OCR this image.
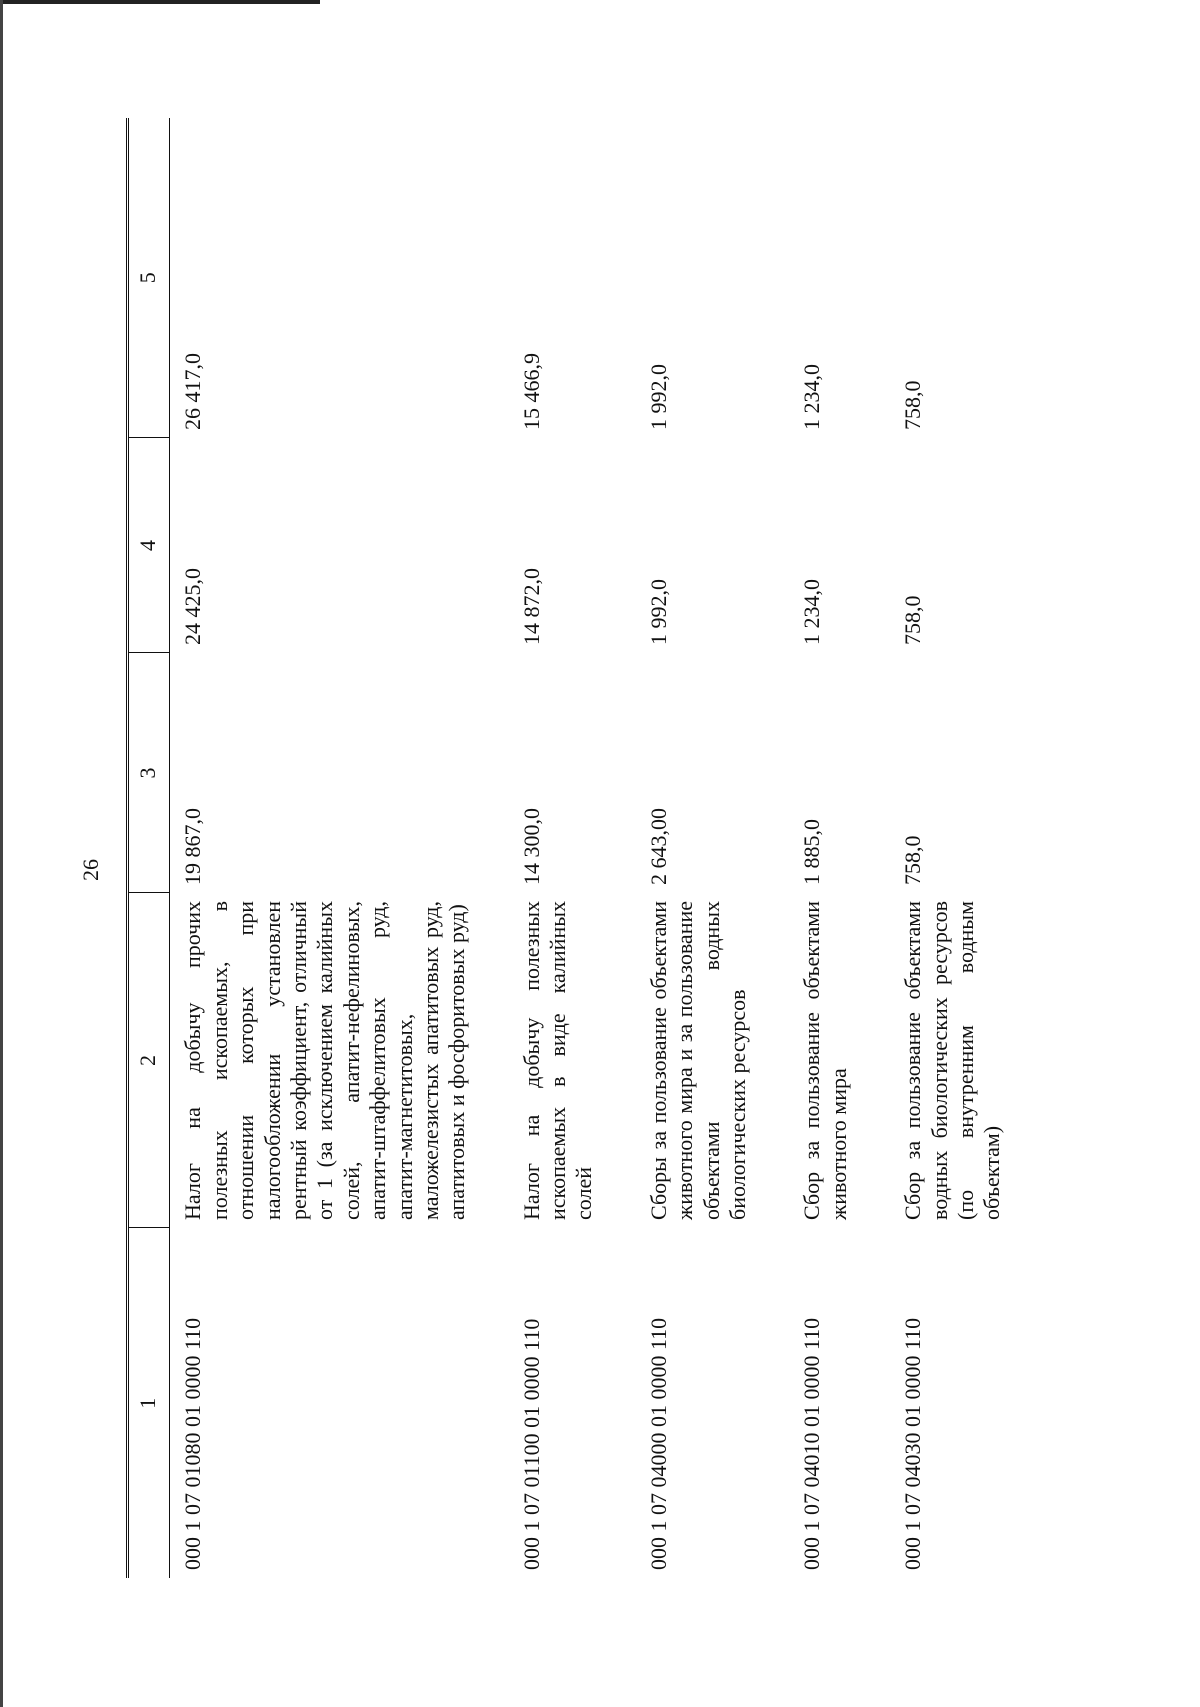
26
1	2	3	4	5
000 1 07 01080 01 0000 110	Налог на добычу прочих полезных ископаемых, в отношении которых при налогообложении установлен рентный коэффициент, отличный от 1 (за исключением калийных солей, апатит-нефелиновых, апатит-штаффелитовых руд, апатит-магнетитовых, маложелезистых апатитовых руд, апатитовых и фосфоритовых руд)	19 867,0	24 425,0	26 417,0
000 1 07 01100 01 0000 110	Налог на добычу полезных ископаемых в виде калийных солей	14 300,0	14 872,0	15 466,9
000 1 07 04000 01 0000 110	Сборы за пользование объектами животного мира и за пользование объектами водных биологических ресурсов	2 643,00	1 992,0	1 992,0
000 1 07 04010 01 0000 110	Сбор за пользование объектами животного мира	1 885,0	1 234,0	1 234,0
000 1 07 04030 01 0000 110	Сбор за пользование объектами водных биологических ресурсов (по внутренним водным объектам)	758,0	758,0	758,0
